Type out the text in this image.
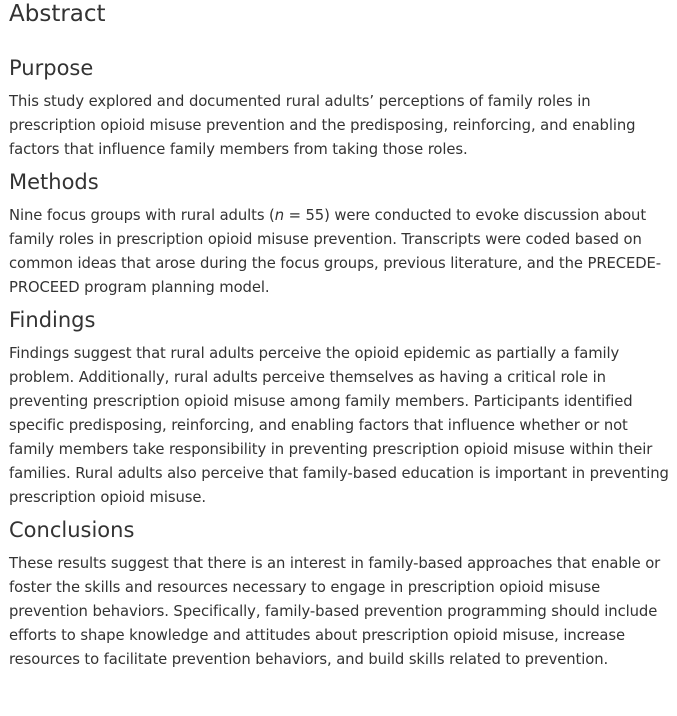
Abstract
Purpose

This study explored and documented rural adults’ perceptions of family roles in prescription opioid misuse prevention and the predisposing, reinforcing, and enabling factors that influence family members from taking those roles.

Methods

Nine focus groups with rural adults (n = 55) were conducted to evoke discussion about family roles in prescription opioid misuse prevention. Transcripts were coded based on common ideas that arose during the focus groups, previous literature, and the PRECEDE-PROCEED program planning model.

Findings

Findings suggest that rural adults perceive the opioid epidemic as partially a family problem. Additionally, rural adults perceive themselves as having a critical role in preventing prescription opioid misuse among family members. Participants identified specific predisposing, reinforcing, and enabling factors that influence whether or not family members take responsibility in preventing prescription opioid misuse within their families. Rural adults also perceive that family-based education is important in preventing prescription opioid misuse.

Conclusions

These results suggest that there is an interest in family-based approaches that enable or foster the skills and resources necessary to engage in prescription opioid misuse prevention behaviors. Specifically, family-based prevention programming should include efforts to shape knowledge and attitudes about prescription opioid misuse, increase resources to facilitate prevention behaviors, and build skills related to prevention.
